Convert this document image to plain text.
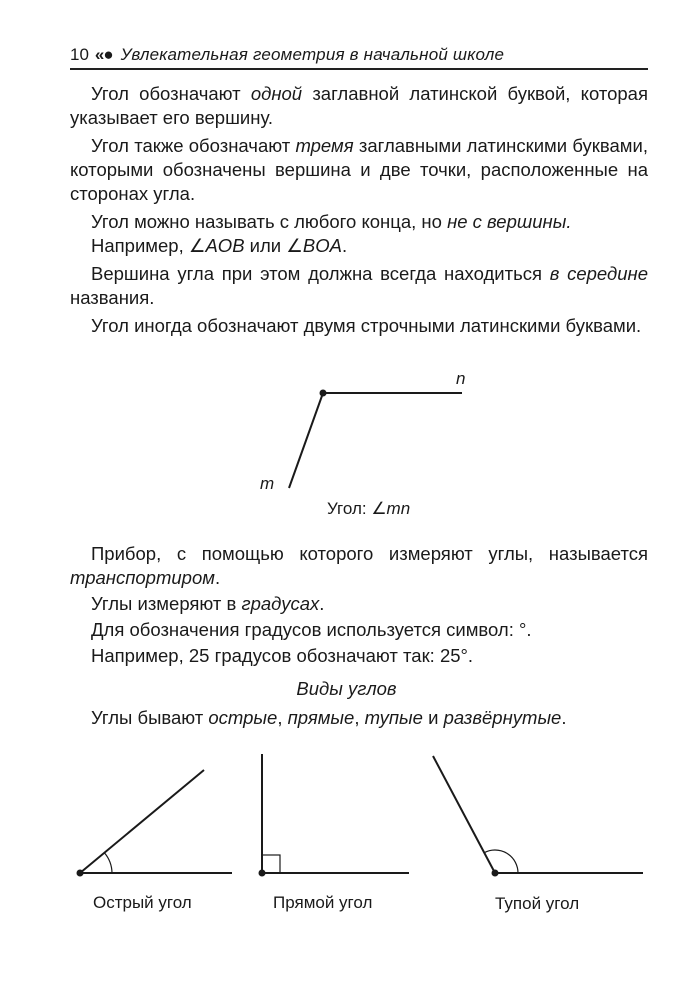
10 «● Увлекательная геометрия в начальной школе

Угол обозначают одной заглавной латинской буквой, которая указывает его вершину.

Угол также обозначают тремя заглавными латинскими буквами, которыми обозначены вершина и две точки, расположенные на сторонах угла.

Угол можно называть с любого конца, но не с вершины.

Например, ∠AOB или ∠BOA.

Вершина угла при этом должна всегда находиться в середине названия.

Угол иногда обозначают двумя строчными латинскими буквами.

n
m
Угол: ∠mn

Прибор, с помощью которого измеряют углы, называется транспортиром.

Углы измеряют в градусах.

Для обозначения градусов используется символ: °.

Например, 25 градусов обозначают так: 25°.

Виды углов

Углы бывают острые, прямые, тупые и развёрнутые.

Острый угол	Прямой угол	Тупой угол
